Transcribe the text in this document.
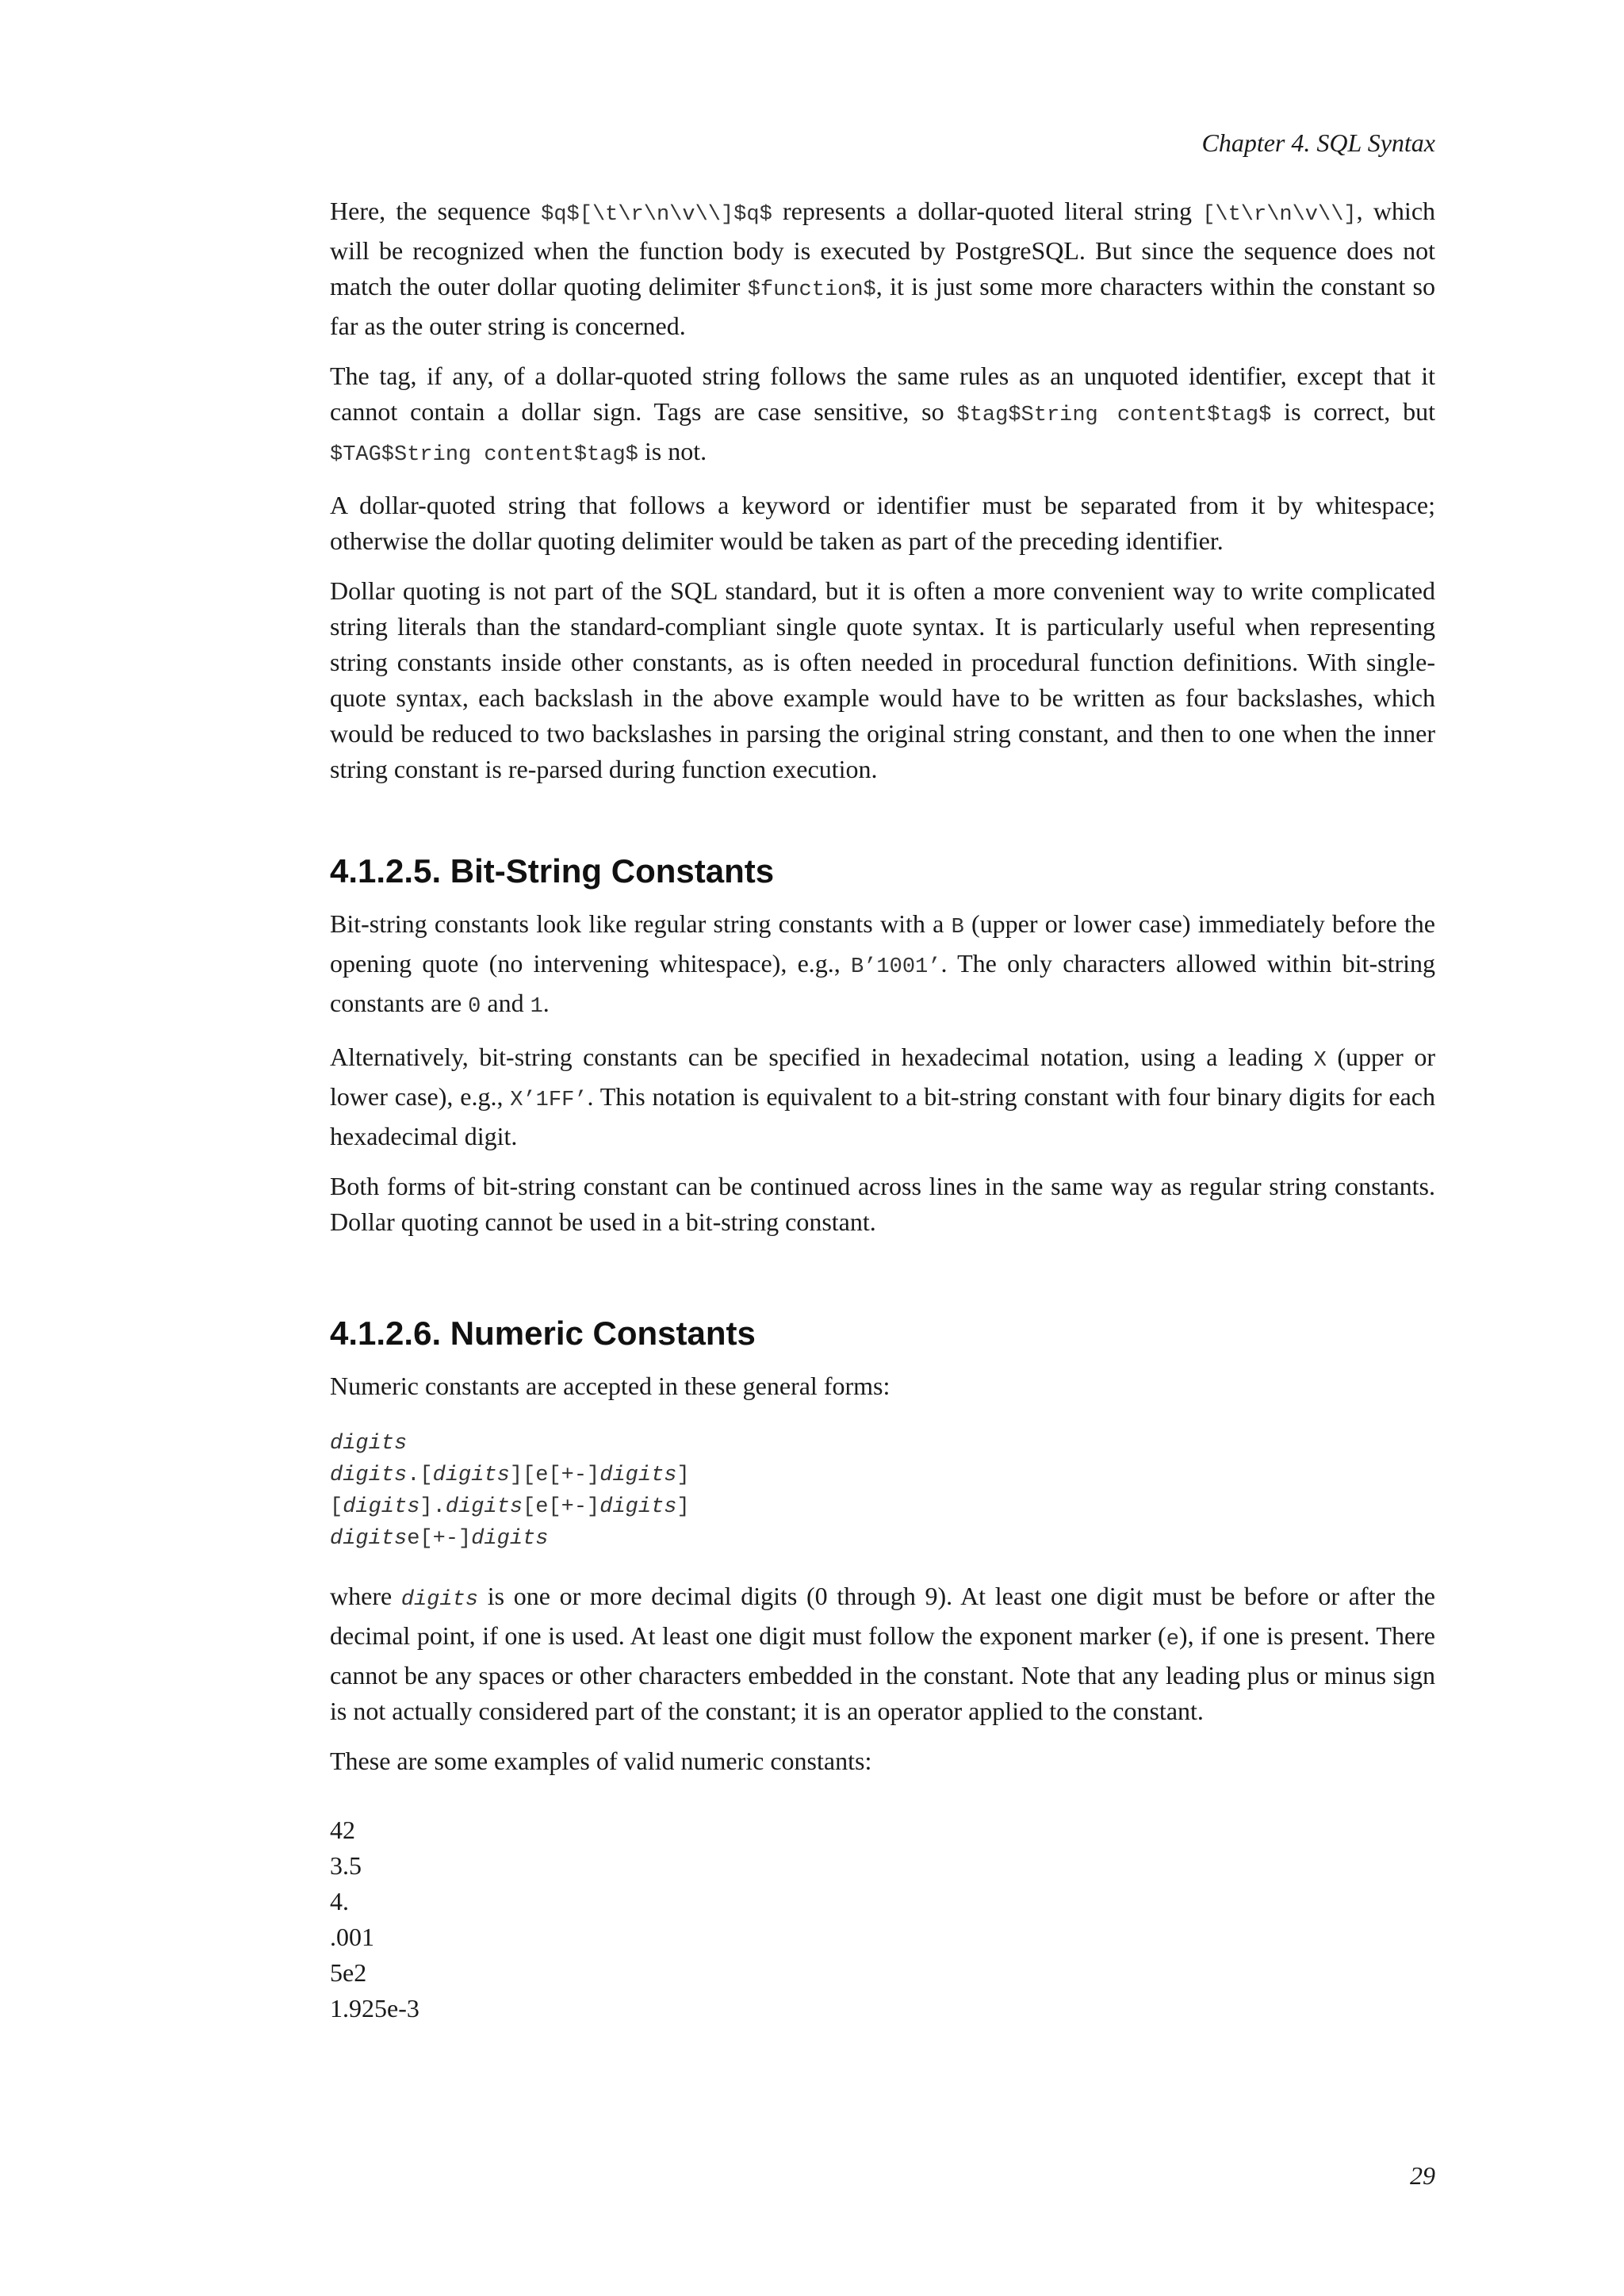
Chapter 4. SQL Syntax

Here, the sequence $q$[\t\r\n\v\\]$q$ represents a dollar-quoted literal string [\t\r\n\v\\], which will be recognized when the function body is executed by PostgreSQL. But since the sequence does not match the outer dollar quoting delimiter $function$, it is just some more characters within the constant so far as the outer string is concerned.

The tag, if any, of a dollar-quoted string follows the same rules as an unquoted identifier, except that it cannot contain a dollar sign. Tags are case sensitive, so $tag$String content$tag$ is correct, but $TAG$String content$tag$ is not.

A dollar-quoted string that follows a keyword or identifier must be separated from it by whitespace; otherwise the dollar quoting delimiter would be taken as part of the preceding identifier.

Dollar quoting is not part of the SQL standard, but it is often a more convenient way to write complicated string literals than the standard-compliant single quote syntax. It is particularly useful when representing string constants inside other constants, as is often needed in procedural function definitions. With single-quote syntax, each backslash in the above example would have to be written as four backslashes, which would be reduced to two backslashes in parsing the original string constant, and then to one when the inner string constant is re-parsed during function execution.

4.1.2.5. Bit-String Constants

Bit-string constants look like regular string constants with a B (upper or lower case) immediately before the opening quote (no intervening whitespace), e.g., B’1001’. The only characters allowed within bit-string constants are 0 and 1.

Alternatively, bit-string constants can be specified in hexadecimal notation, using a leading X (upper or lower case), e.g., X’1FF’. This notation is equivalent to a bit-string constant with four binary digits for each hexadecimal digit.

Both forms of bit-string constant can be continued across lines in the same way as regular string constants. Dollar quoting cannot be used in a bit-string constant.

4.1.2.6. Numeric Constants

Numeric constants are accepted in these general forms:

digits
digits.[digits][e[+-]digits]
[digits].digits[e[+-]digits]
digitse[+-]digits

where digits is one or more decimal digits (0 through 9). At least one digit must be before or after the decimal point, if one is used. At least one digit must follow the exponent marker (e), if one is present. There cannot be any spaces or other characters embedded in the constant. Note that any leading plus or minus sign is not actually considered part of the constant; it is an operator applied to the constant.

These are some examples of valid numeric constants:

42
3.5
4.
.001
5e2
1.925e-3
29
